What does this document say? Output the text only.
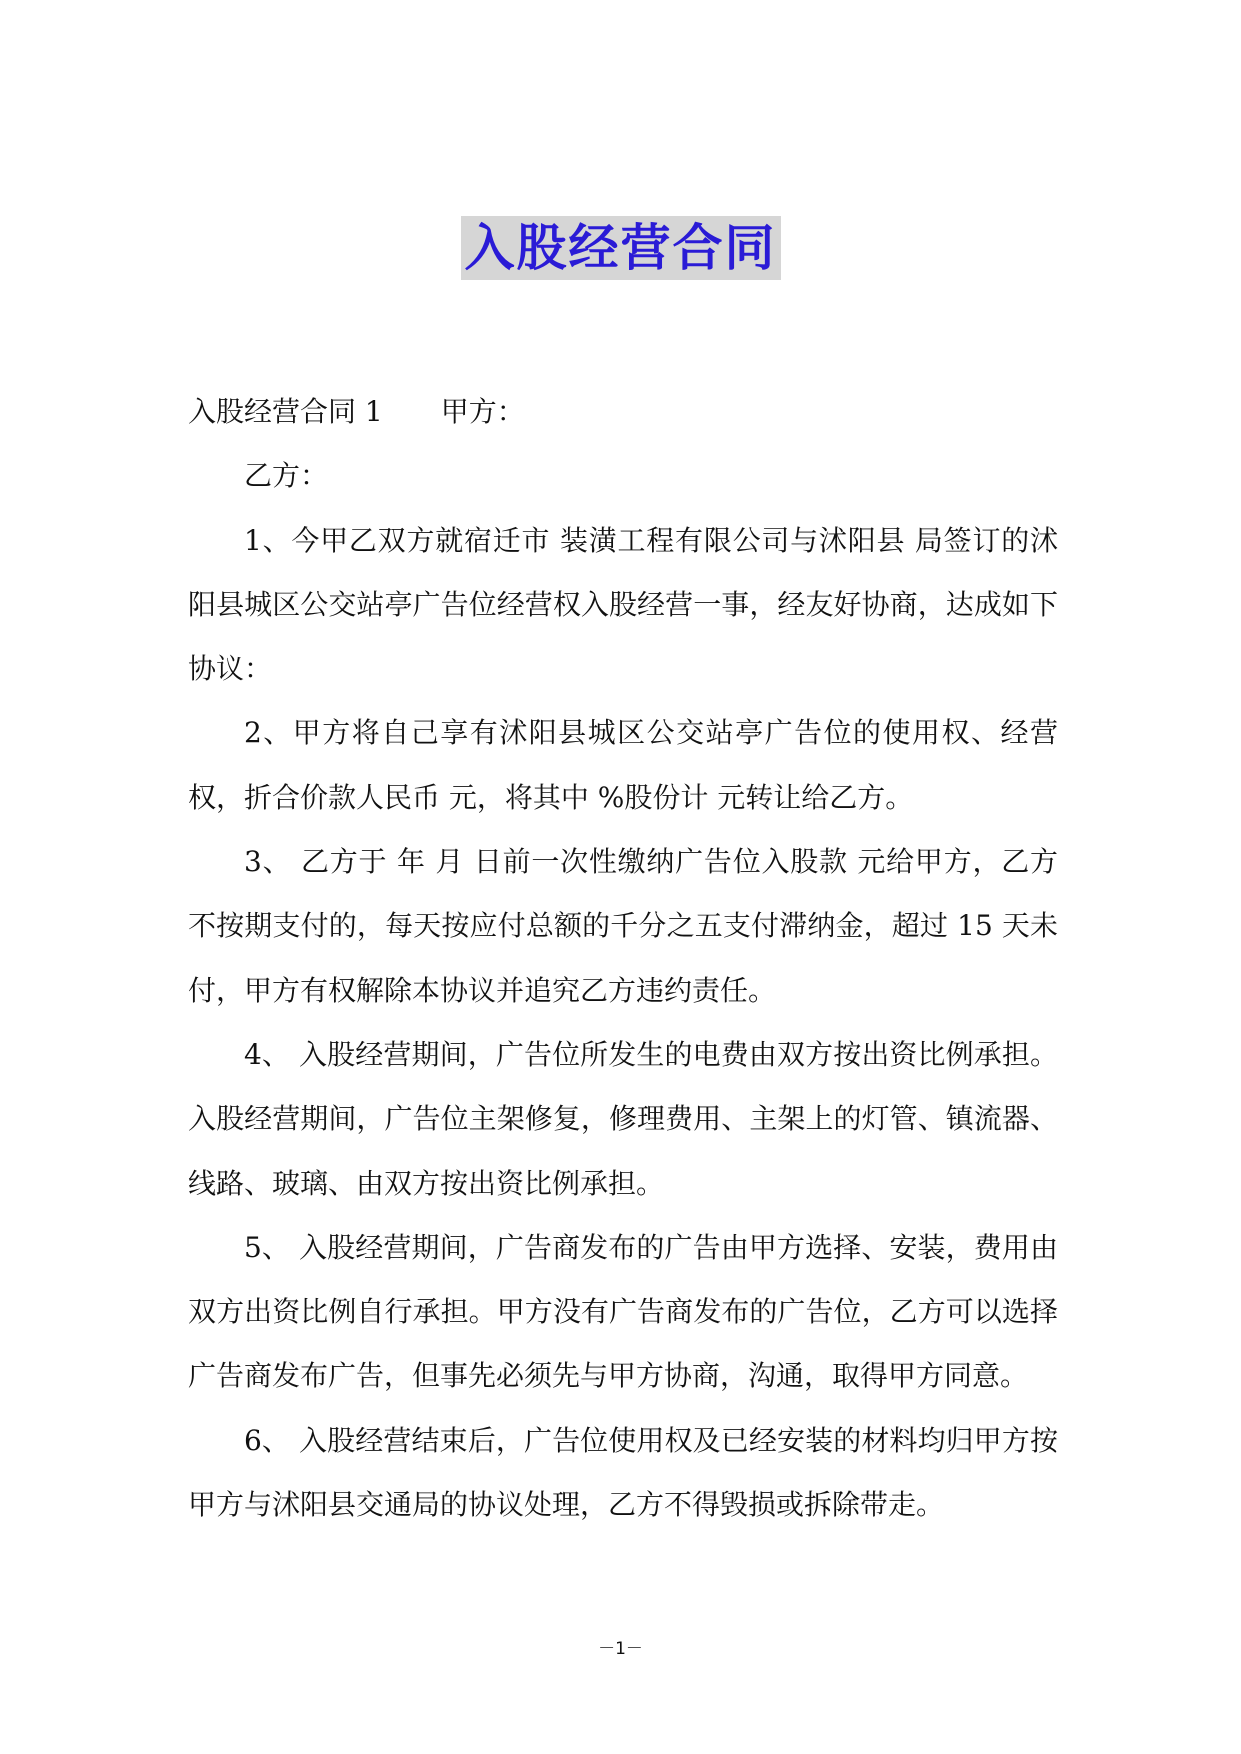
入股经营合同

入股经营合同 1 甲方：

乙方：

1、今甲乙双方就宿迁市 装潢工程有限公司与沭阳县 局签订的沭阳县城区公交站亭广告位经营权入股经营一事，经友好协商，达成如下协议：

2、甲方将自己享有沭阳县城区公交站亭广告位的使用权、经营权，折合价款人民币 元，将其中 %股份计 元转让给乙方。

3、 乙方于 年 月 日前一次性缴纳广告位入股款 元给甲方，乙方不按期支付的，每天按应付总额的千分之五支付滞纳金，超过 15 天未付，甲方有权解除本协议并追究乙方违约责任。

4、 入股经营期间，广告位所发生的电费由双方按出资比例承担。入股经营期间，广告位主架修复，修理费用、主架上的灯管、镇流器、线路、玻璃、由双方按出资比例承担。

5、 入股经营期间，广告商发布的广告由甲方选择、安装，费用由双方出资比例自行承担。甲方没有广告商发布的广告位，乙方可以选择广告商发布广告，但事先必须先与甲方协商，沟通，取得甲方同意。

6、 入股经营结束后，广告位使用权及已经安装的材料均归甲方按甲方与沭阳县交通局的协议处理，乙方不得毁损或拆除带走。

－1－
